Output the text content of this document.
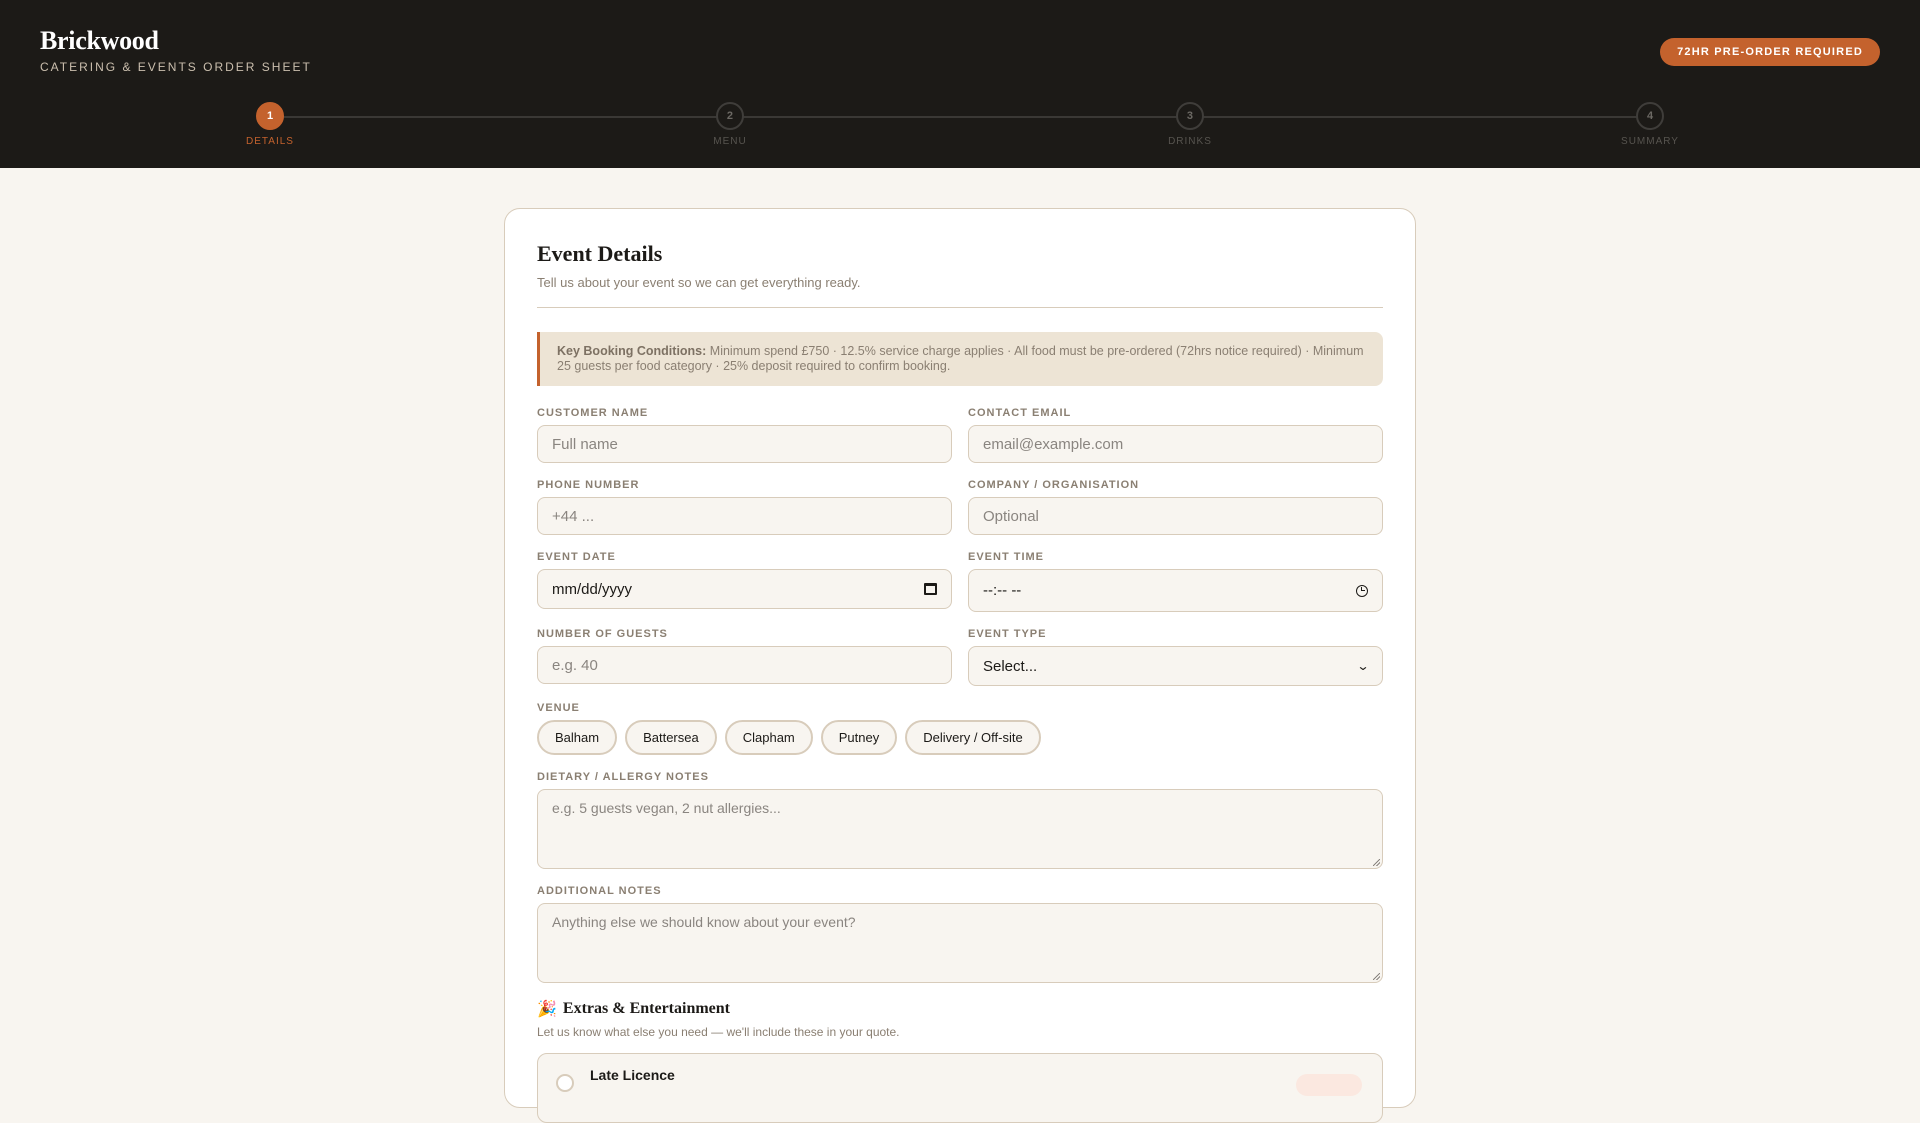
Brickwood
CATERING & EVENTS ORDER SHEET
72HR PRE-ORDER REQUIRED
1
DETAILS
2
MENU
3
DRINKS
4
SUMMARY
Event Details

Tell us about your event so we can get everything ready.

Key Booking Conditions: Minimum spend £750 · 12.5% service charge applies · All food must be pre-ordered (72hrs notice required) · Minimum 25 guests per food category · 25% deposit required to confirm booking.
CUSTOMER NAME
Full name
CONTACT EMAIL
email@example.com
PHONE NUMBER
+44 ...
COMPANY / ORGANISATION
Optional
EVENT DATE
mm/dd/yyyy
EVENT TIME
--:-- --
NUMBER OF GUESTS
e.g. 40
EVENT TYPE
Select...	⌄
VENUE
Balham	Battersea	Clapham	Putney	Delivery / Off-site
DIETARY / ALLERGY NOTES
e.g. 5 guests vegan, 2 nut allergies...
ADDITIONAL NOTES
Anything else we should know about your event?
🎉 Extras & Entertainment

Let us know what else you need — we'll include these in your quote.

Late Licence
